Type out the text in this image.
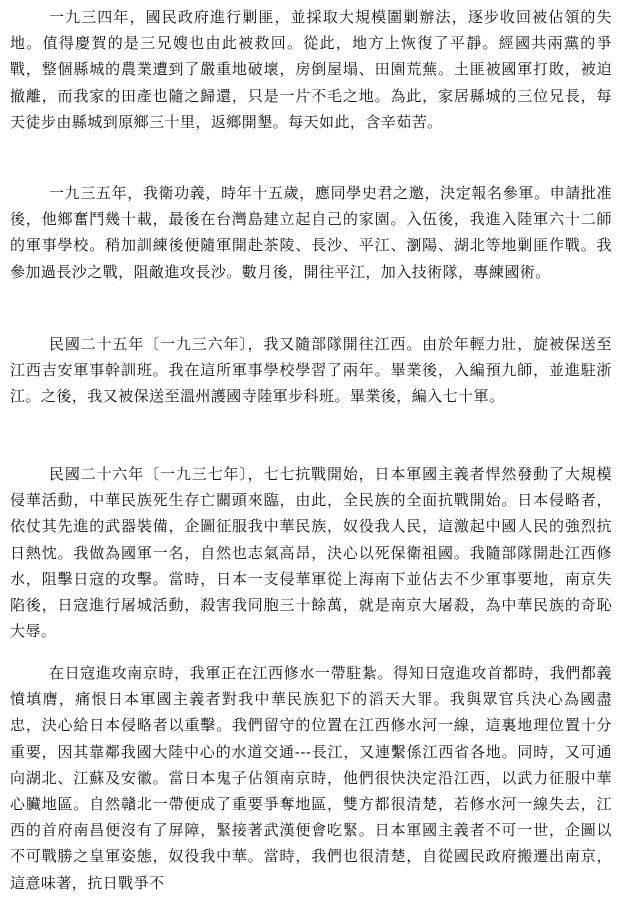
一九三四年，國民政府進行剿匪，並採取大規模圍剿辦法，逐步收回被佔領的失地。值得慶賀的是三兄嫂也由此被救回。從此，地方上恢復了平靜。經國共兩黨的爭戰，整個縣城的農業遭到了嚴重地破壞，房倒屋塌、田園荒蕪。土匪被國軍打敗，被迫撤離，而我家的田產也隨之歸還，只是一片不毛之地。為此，家居縣城的三位兄長，每天徒步由縣城到原鄉三十里，返鄉開墾。每天如此，含辛茹苦。

一九三五年，我衛功義，時年十五歲，應同學史君之邀，決定報名參軍。申請批准後，他鄉奮鬥幾十載，最後在台灣島建立起自己的家園。入伍後，我進入陸軍六十二師的軍事學校。稍加訓練後便隨軍開赴茶陵、長沙、平江、瀏陽、湖北等地剿匪作戰。我參加過長沙之戰，阻敵進攻長沙。數月後，開往平江，加入技術隊，專練國術。

民國二十五年〔一九三六年〕，我又隨部隊開往江西。由於年輕力壯，旋被保送至江西吉安軍事幹訓班。我在這所軍事學校學習了兩年。畢業後，入編預九師，並進駐浙江。之後，我又被保送至溫州護國寺陸軍步科班。畢業後，編入七十軍。

民國二十六年〔一九三七年〕，七七抗戰開始，日本軍國主義者悍然發動了大規模侵華活動，中華民族死生存亡關頭來臨，由此，全民族的全面抗戰開始。日本侵略者，依仗其先進的武器裝備，企圖征服我中華民族，奴役我人民，這激起中國人民的強烈抗日熱忱。我做為國軍一名，自然也志氣高昂，決心以死保衛祖國。我隨部隊開赴江西修水，阻擊日寇的攻擊。當時，日本一支侵華軍從上海南下並佔去不少軍事要地，南京失陷後，日寇進行屠城活動，殺害我同胞三十餘萬，就是南京大屠殺，為中華民族的奇恥大辱。

在日寇進攻南京時，我軍正在江西修水一帶駐紮。得知日寇進攻首都時，我們都義憤填膺，痛恨日本軍國主義者對我中華民族犯下的滔天大罪。我與眾官兵決心為國盡忠，決心給日本侵略者以重擊。我們留守的位置在江西修水河一線，這裏地理位置十分重要，因其靠鄰我國大陸中心的水道交通---長江，又連繫係江西省各地。同時，又可通向湖北、江蘇及安徽。當日本鬼子佔領南京時，他們很快決定沿江西，以武力征服中華心臟地區。自然贛北一帶便成了重要爭奪地區，雙方都很清楚，若修水河一線失去，江西的首府南昌便沒有了屏障，緊接著武漢便會吃緊。日本軍國主義者不可一世，企圖以不可戰勝之皇軍姿態，奴役我中華。當時，我們也很清楚，自從國民政府搬遷出南京，這意味著，抗日戰爭不
